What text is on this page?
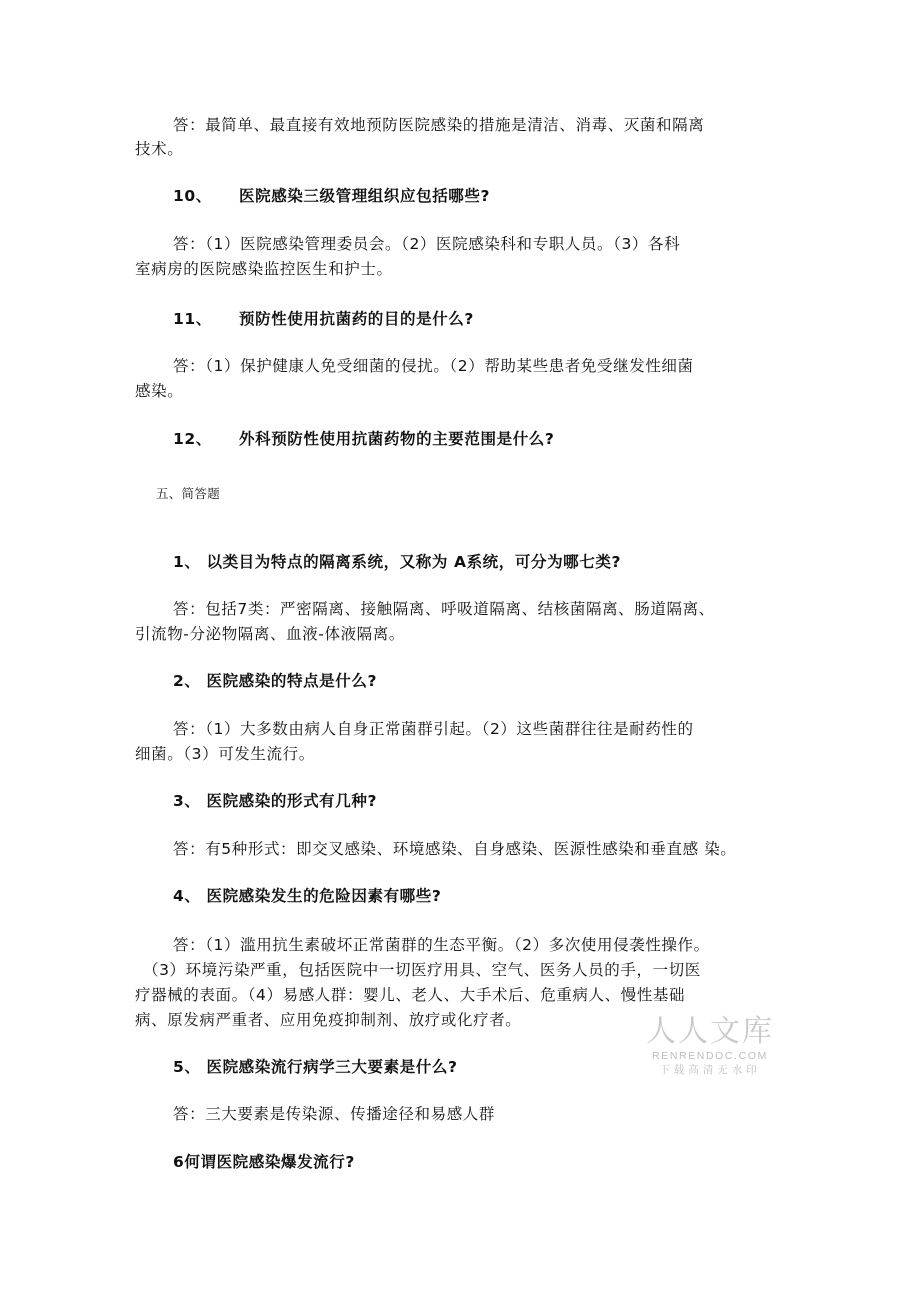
答：最简单、最直接有效地预防医院感染的措施是清洁、消毒、灭菌和隔离
技术。
10、 医院感染三级管理组织应包括哪些?
答：（1）医院感染管理委员会。（2）医院感染科和专职人员。（3）各科
室病房的医院感染监控医生和护士。
11、 预防性使用抗菌药的目的是什么?
答：（1）保护健康人免受细菌的侵扰。（2）帮助某些患者免受继发性细菌
感染。
12、 外科预防性使用抗菌药物的主要范围是什么?
五、简答题
1、 以类目为特点的隔离系统，又称为 A系统，可分为哪七类?
答：包括7类：严密隔离、接触隔离、呼吸道隔离、结核菌隔离、肠道隔离、
引流物-分泌物隔离、血液-体液隔离。
2、 医院感染的特点是什么?
答：（1）大多数由病人自身正常菌群引起。（2）这些菌群往往是耐药性的
细菌。（3）可发生流行。
3、 医院感染的形式有几种?
答：有5种形式：即交叉感染、环境感染、自身感染、医源性感染和垂直感 染。
4、 医院感染发生的危险因素有哪些?
答：（1）滥用抗生素破坏正常菌群的生态平衡。（2）多次使用侵袭性操作。
（3）环境污染严重，包括医院中一切医疗用具、空气、医务人员的手，一切医
疗器械的表面。（4）易感人群：婴儿、老人、大手术后、危重病人、慢性基础
病、原发病严重者、应用免疫抑制剂、放疗或化疗者。
5、 医院感染流行病学三大要素是什么?
答：三大要素是传染源、传播途径和易感人群
6何谓医院感染爆发流行?
人人文库
RENRENDOC.COM
下载高清无水印
